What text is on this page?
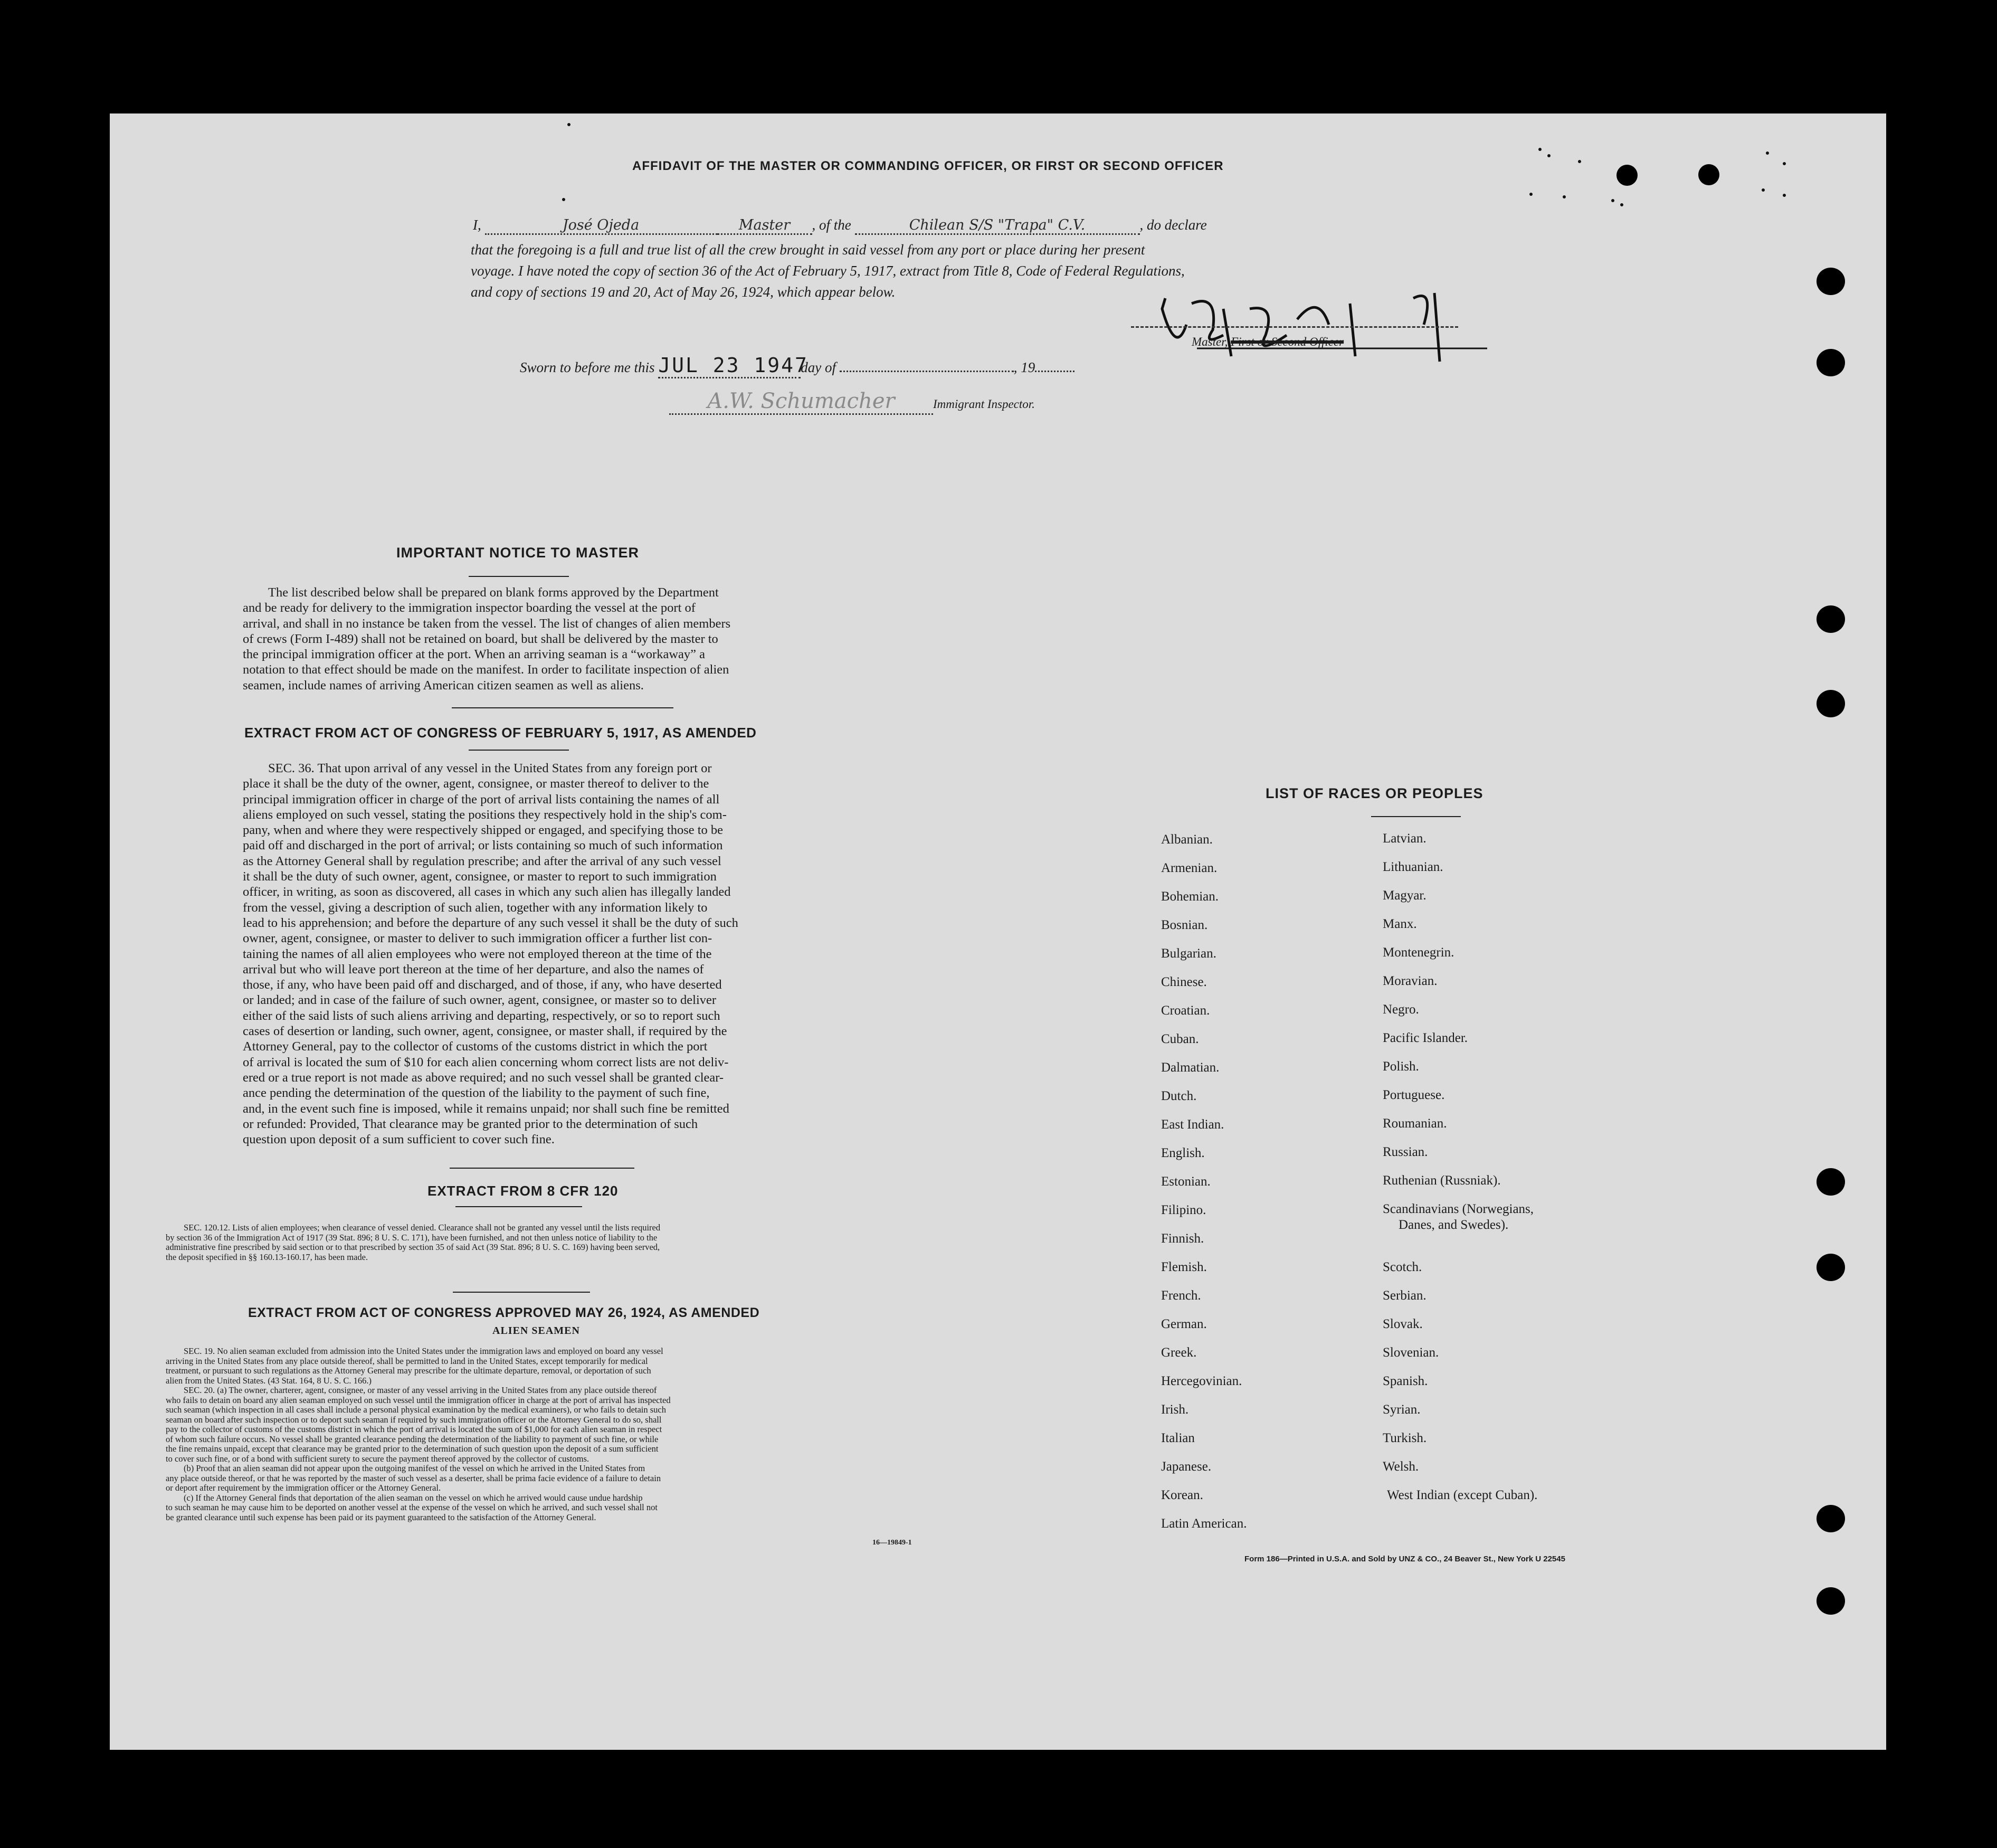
AFFIDAVIT OF THE MASTER OR COMMANDING OFFICER, OR FIRST OR SECOND OFFICER
I,	José Ojeda	Master , of the	Chilean S/S "Trapa" C.V.	, do declare
that the foregoing is a full and true list of all the crew brought in said vessel from any port or place during her present
voyage. I have noted the copy of section 36 of the Act of February 5, 1917, extract from Title 8, Code of Federal Regulations,
and copy of sections 19 and 20, Act of May 26, 1924, which appear below.
Master, First or Second Officer
Sworn to before me this JUL 23 1947day of	, 19
A.W. Schumacher	Immigrant Inspector.
IMPORTANT NOTICE TO MASTER
The list described below shall be prepared on blank forms approved by the Department
and be ready for delivery to the immigration inspector boarding the vessel at the port of
arrival, and shall in no instance be taken from the vessel. The list of changes of alien members
of crews (Form I-489) shall not be retained on board, but shall be delivered by the master to
the principal immigration officer at the port. When an arriving seaman is a “workaway” a
notation to that effect should be made on the manifest. In order to facilitate inspection of alien
seamen, include names of arriving American citizen seamen as well as aliens.
EXTRACT FROM ACT OF CONGRESS OF FEBRUARY 5, 1917, AS AMENDED
SEC. 36. That upon arrival of any vessel in the United States from any foreign port or
place it shall be the duty of the owner, agent, consignee, or master thereof to deliver to the
principal immigration officer in charge of the port of arrival lists containing the names of all
aliens employed on such vessel, stating the positions they respectively hold in the ship's com-
pany, when and where they were respectively shipped or engaged, and specifying those to be
paid off and discharged in the port of arrival; or lists containing so much of such information
as the Attorney General shall by regulation prescribe; and after the arrival of any such vessel
it shall be the duty of such owner, agent, consignee, or master to report to such immigration
officer, in writing, as soon as discovered, all cases in which any such alien has illegally landed
from the vessel, giving a description of such alien, together with any information likely to
lead to his apprehension; and before the departure of any such vessel it shall be the duty of such
owner, agent, consignee, or master to deliver to such immigration officer a further list con-
taining the names of all alien employees who were not employed thereon at the time of the
arrival but who will leave port thereon at the time of her departure, and also the names of
those, if any, who have been paid off and discharged, and of those, if any, who have deserted
or landed; and in case of the failure of such owner, agent, consignee, or master so to deliver
either of the said lists of such aliens arriving and departing, respectively, or so to report such
cases of desertion or landing, such owner, agent, consignee, or master shall, if required by the
Attorney General, pay to the collector of customs of the customs district in which the port
of arrival is located the sum of $10 for each alien concerning whom correct lists are not deliv-
ered or a true report is not made as above required; and no such vessel shall be granted clear-
ance pending the determination of the question of the liability to the payment of such fine,
and, in the event such fine is imposed, while it remains unpaid; nor shall such fine be remitted
or refunded: Provided, That clearance may be granted prior to the determination of such
question upon deposit of a sum sufficient to cover such fine.
EXTRACT FROM 8 CFR 120
SEC. 120.12. Lists of alien employees; when clearance of vessel denied. Clearance shall not be granted any vessel until the lists required
by section 36 of the Immigration Act of 1917 (39 Stat. 896; 8 U. S. C. 171), have been furnished, and not then unless notice of liability to the
administrative fine prescribed by said section or to that prescribed by section 35 of said Act (39 Stat. 896; 8 U. S. C. 169) having been served,
the deposit specified in §§ 160.13-160.17, has been made.
EXTRACT FROM ACT OF CONGRESS APPROVED MAY 26, 1924, AS AMENDED
ALIEN SEAMEN
SEC. 19. No alien seaman excluded from admission into the United States under the immigration laws and employed on board any vessel
arriving in the United States from any place outside thereof, shall be permitted to land in the United States, except temporarily for medical
treatment, or pursuant to such regulations as the Attorney General may prescribe for the ultimate departure, removal, or deportation of such
alien from the United States. (43 Stat. 164, 8 U. S. C. 166.)
SEC. 20. (a) The owner, charterer, agent, consignee, or master of any vessel arriving in the United States from any place outside thereof
who fails to detain on board any alien seaman employed on such vessel until the immigration officer in charge at the port of arrival has inspected
such seaman (which inspection in all cases shall include a personal physical examination by the medical examiners), or who fails to detain such
seaman on board after such inspection or to deport such seaman if required by such immigration officer or the Attorney General to do so, shall
pay to the collector of customs of the customs district in which the port of arrival is located the sum of $1,000 for each alien seaman in respect
of whom such failure occurs. No vessel shall be granted clearance pending the determination of the liability to payment of such fine, or while
the fine remains unpaid, except that clearance may be granted prior to the determination of such question upon the deposit of a sum sufficient
to cover such fine, or of a bond with sufficient surety to secure the payment thereof approved by the collector of customs.
(b) Proof that an alien seaman did not appear upon the outgoing manifest of the vessel on which he arrived in the United States from
any place outside thereof, or that he was reported by the master of such vessel as a deserter, shall be prima facie evidence of a failure to detain
or deport after requirement by the immigration officer or the Attorney General.
(c) If the Attorney General finds that deportation of the alien seaman on the vessel on which he arrived would cause undue hardship
to such seaman he may cause him to be deported on another vessel at the expense of the vessel on which he arrived, and such vessel shall not
be granted clearance until such expense has been paid or its payment guaranteed to the satisfaction of the Attorney General.
16—19849-1
LIST OF RACES OR PEOPLES
Albanian.
Armenian.
Bohemian.
Bosnian.
Bulgarian.
Chinese.
Croatian.
Cuban.
Dalmatian.
Dutch.
East Indian.
English.
Estonian.
Filipino.
Finnish.
Flemish.
French.
German.
Greek.
Hercegovinian.
Irish.
Italian
Japanese.
Korean.
Latin American.
Latvian.
Lithuanian.
Magyar.
Manx.
Montenegrin.
Moravian.
Negro.
Pacific Islander.
Polish.
Portuguese.
Roumanian.
Russian.
Ruthenian (Russniak).
Scandinavians (Norwegians,
Danes, and Swedes).
Scotch.
Serbian.
Slovak.
Slovenian.
Spanish.
Syrian.
Turkish.
Welsh.
West Indian (except Cuban).
Form 186—Printed in U.S.A. and Sold by UNZ & CO., 24 Beaver St., New York U 22545
